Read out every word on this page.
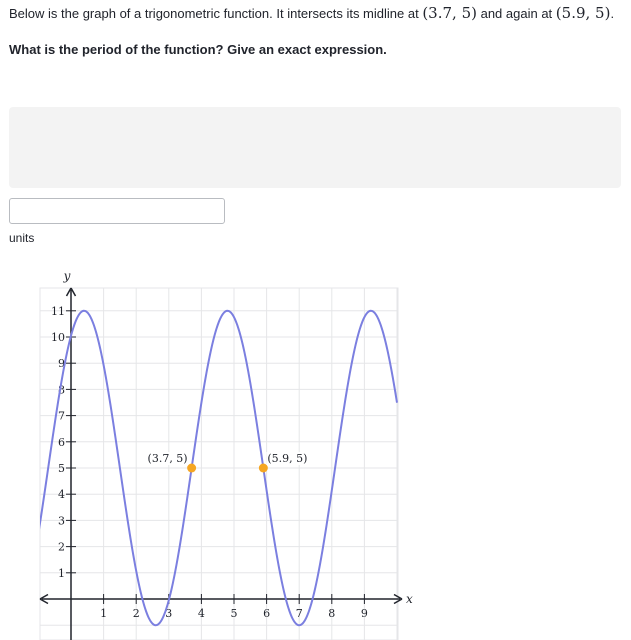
Below is the graph of a trigonometric function. It intersects its midline at (3.7, 5) and again at (5.9, 5).
What is the period of the function? Give an exact expression.
units
x
y
1 2 3 4 5 6 7 8 9
1
2
3
4
5
6
7
8
9
10
11
(3.7, 5)	(5.9, 5)
